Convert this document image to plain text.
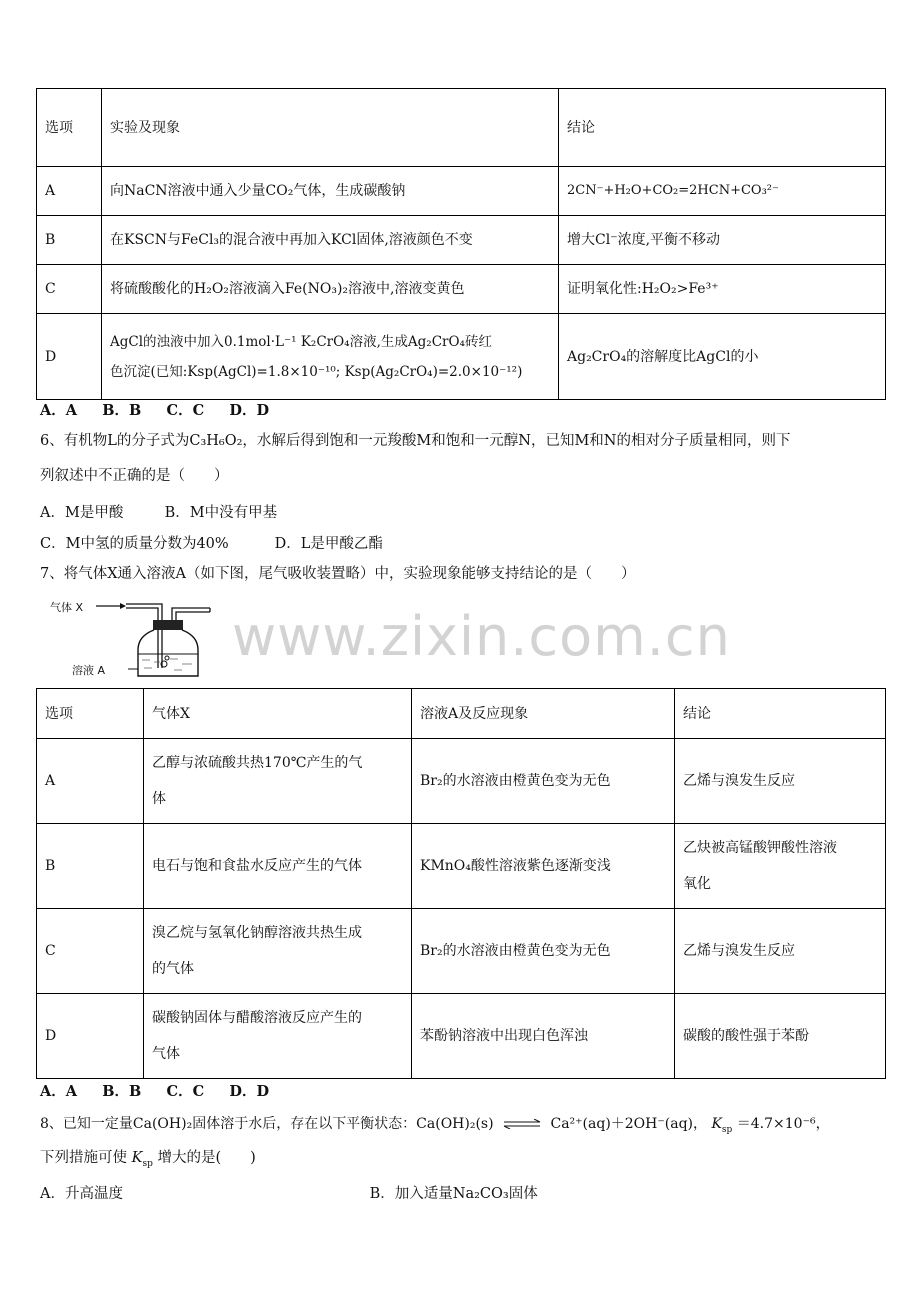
选项	实验及现象	结论
A	向NaCN溶液中通入少量CO₂气体，生成碳酸钠	2CN⁻+H₂O+CO₂=2HCN+CO₃²⁻
B	在KSCN与FeCl₃的混合液中再加入KCl固体,溶液颜色不变	增大Cl⁻浓度,平衡不移动
C	将硫酸酸化的H₂O₂溶液滴入Fe(NO₃)₂溶液中,溶液变黄色	证明氧化性:H₂O₂>Fe³⁺
D	AgCl的浊液中加入0.1mol·L⁻¹ K₂CrO₄溶液,生成Ag₂CrO₄砖红
色沉淀(已知:Ksp(AgCl)=1.8×10⁻¹⁰; Ksp(Ag₂CrO₄)=2.0×10⁻¹²)	Ag₂CrO₄的溶解度比AgCl的小
A．A B．B C．C D．D
6、有机物L的分子式为C₃H₆O₂，水解后得到饱和一元羧酸M和饱和一元醇N，已知M和N的相对分子质量相同，则下
列叙述中不正确的是（　　）
A．M是甲酸	B．M中没有甲基
C．M中氢的质量分数为40%	D．L是甲酸乙酯
7、将气体X通入溶液A（如下图，尾气吸收装置略）中，实验现象能够支持结论的是（　　）
气体 X
溶液 A
www.zixin.com.cn
选项	气体X	溶液A及反应现象	结论
A	乙醇与浓硫酸共热170℃产生的气
体	Br₂的水溶液由橙黄色变为无色	乙烯与溴发生反应

B	电石与饱和食盐水反应产生的气体	KMnO₄酸性溶液紫色逐渐变浅	乙炔被高锰酸钾酸性溶液
氧化

C	溴乙烷与氢氧化钠醇溶液共热生成
的气体	Br₂的水溶液由橙黄色变为无色	乙烯与溴发生反应

D	碳酸钠固体与醋酸溶液反应产生的
气体	苯酚钠溶液中出现白色浑浊	碳酸的酸性强于苯酚
A．A B．B C．C D．D
8、已知一定量Ca(OH)₂固体溶于水后，存在以下平衡状态：Ca(OH)₂(s) ⇌ Ca²⁺(aq)＋2OH⁻(aq)， $K_{sp} =4.7\times 10^{-6}$，
下列措施可使 $K_{sp}$ 增大的是(　　)
A．升高温度	B．加入适量Na₂CO₃固体
